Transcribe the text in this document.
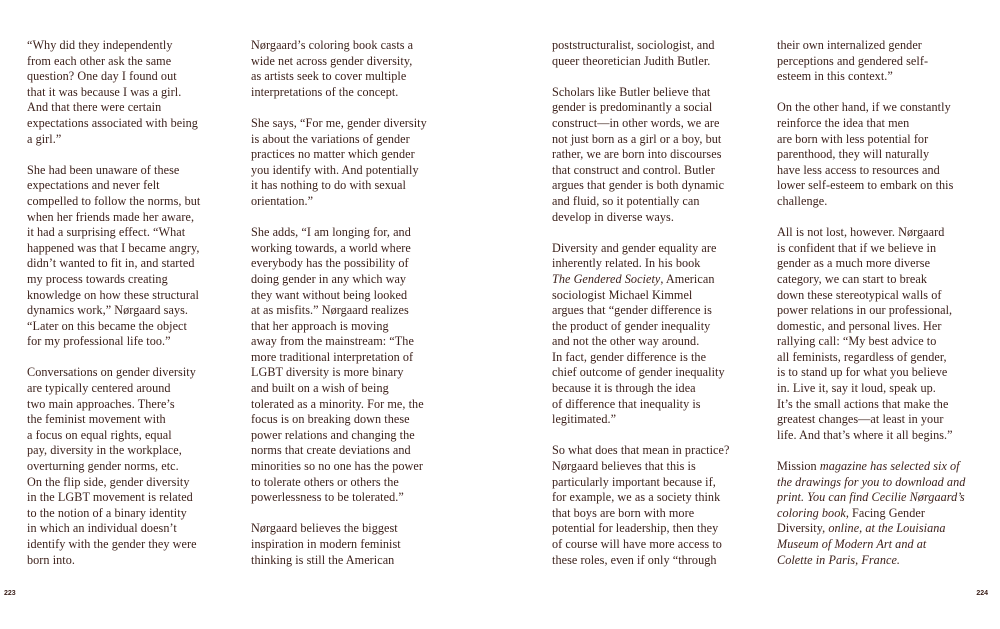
“Why did they independently
from each other ask the same
question? One day I found out
that it was because I was a girl.
And that there were certain
expectations associated with being
a girl.”

She had been unaware of these
expectations and never felt
compelled to follow the norms, but
when her friends made her aware,
it had a surprising effect. “What
happened was that I became angry,
didn’t wanted to fit in, and started
my process towards creating
knowledge on how these structural
dynamics work,” Nørgaard says.
“Later on this became the object
for my professional life too.”

Conversations on gender diversity
are typically centered around
two main approaches. There’s
the feminist movement with
a focus on equal rights, equal
pay, diversity in the workplace,
overturning gender norms, etc.
On the flip side, gender diversity
in the LGBT movement is related
to the notion of a binary identity
in which an individual doesn’t
identify with the gender they were
born into.

Nørgaard’s coloring book casts a
wide net across gender diversity,
as artists seek to cover multiple
interpretations of the concept.

She says, “For me, gender diversity
is about the variations of gender
practices no matter which gender
you identify with. And potentially
it has nothing to do with sexual
orientation.”

She adds, “I am longing for, and
working towards, a world where
everybody has the possibility of
doing gender in any which way
they want without being looked
at as misfits.” Nørgaard realizes
that her approach is moving
away from the mainstream: “The
more traditional interpretation of
LGBT diversity is more binary
and built on a wish of being
tolerated as a minority. For me, the
focus is on breaking down these
power relations and changing the
norms that create deviations and
minorities so no one has the power
to tolerate others or others the
powerlessness to be tolerated.”

Nørgaard believes the biggest
inspiration in modern feminist
thinking is still the American

poststructuralist, sociologist, and
queer theoretician Judith Butler.

Scholars like Butler believe that
gender is predominantly a social
construct—in other words, we are
not just born as a girl or a boy, but
rather, we are born into discourses
that construct and control. Butler
argues that gender is both dynamic
and fluid, so it potentially can
develop in diverse ways.

Diversity and gender equality are
inherently related. In his book
The Gendered Society, American
sociologist Michael Kimmel
argues that “gender difference is
the product of gender inequality
and not the other way around.
In fact, gender difference is the
chief outcome of gender inequality
because it is through the idea
of difference that inequality is
legitimated.”

So what does that mean in practice?
Nørgaard believes that this is
particularly important because if,
for example, we as a society think
that boys are born with more
potential for leadership, then they
of course will have more access to
these roles, even if only “through

their own internalized gender
perceptions and gendered self-
esteem in this context.”

On the other hand, if we constantly
reinforce the idea that men
are born with less potential for
parenthood, they will naturally
have less access to resources and
lower self-esteem to embark on this
challenge.

All is not lost, however. Nørgaard
is confident that if we believe in
gender as a much more diverse
category, we can start to break
down these stereotypical walls of
power relations in our professional,
domestic, and personal lives. Her
rallying call: “My best advice to
all feminists, regardless of gender,
is to stand up for what you believe
in. Live it, say it loud, speak up.
It’s the small actions that make the
greatest changes—at least in your
life. And that’s where it all begins.”

Mission magazine has selected six of
the drawings for you to download and
print. You can find Cecilie Nørgaard’s
coloring book, Facing Gender
Diversity, online, at the Louisiana
Museum of Modern Art and at
Colette in Paris, France.

223	224
